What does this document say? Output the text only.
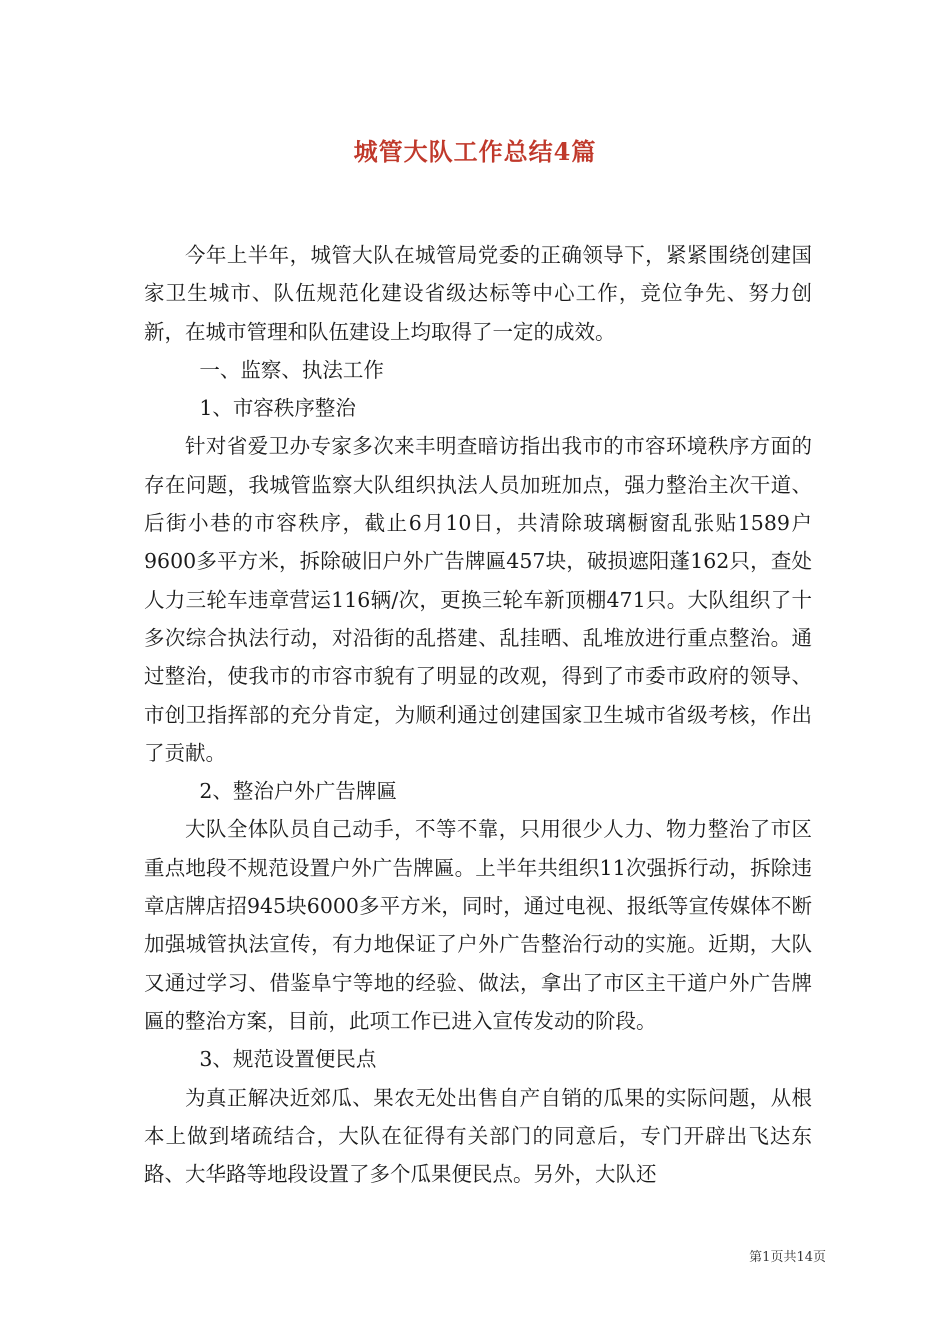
城管大队工作总结4篇

今年上半年，城管大队在城管局党委的正确领导下，紧紧围绕创建国家卫生城市、队伍规范化建设省级达标等中心工作，竞位争先、努力创新，在城市管理和队伍建设上均取得了一定的成效。

一、监察、执法工作

1、市容秩序整治

针对省爱卫办专家多次来丰明查暗访指出我市的市容环境秩序方面的存在问题，我城管监察大队组织执法人员加班加点，强力整治主次干道、后街小巷的市容秩序，截止6月10日，共清除玻璃橱窗乱张贴1589户9600多平方米，拆除破旧户外广告牌匾457块，破损遮阳蓬162只，查处人力三轮车违章营运116辆/次，更换三轮车新顶棚471只。大队组织了十多次综合执法行动，对沿街的乱搭建、乱挂晒、乱堆放进行重点整治。通过整治，使我市的市容市貌有了明显的改观，得到了市委市政府的领导、市创卫指挥部的充分肯定，为顺利通过创建国家卫生城市省级考核，作出了贡献。

2、整治户外广告牌匾

大队全体队员自己动手，不等不靠，只用很少人力、物力整治了市区重点地段不规范设置户外广告牌匾。上半年共组织11次强拆行动，拆除违章店牌店招945块6000多平方米，同时，通过电视、报纸等宣传媒体不断加强城管执法宣传，有力地保证了户外广告整治行动的实施。近期，大队又通过学习、借鉴阜宁等地的经验、做法，拿出了市区主干道户外广告牌匾的整治方案，目前，此项工作已进入宣传发动的阶段。

3、规范设置便民点

为真正解决近郊瓜、果农无处出售自产自销的瓜果的实际问题，从根本上做到堵疏结合，大队在征得有关部门的同意后，专门开辟出飞达东路、大华路等地段设置了多个瓜果便民点。另外，大队还

第1页共14页
